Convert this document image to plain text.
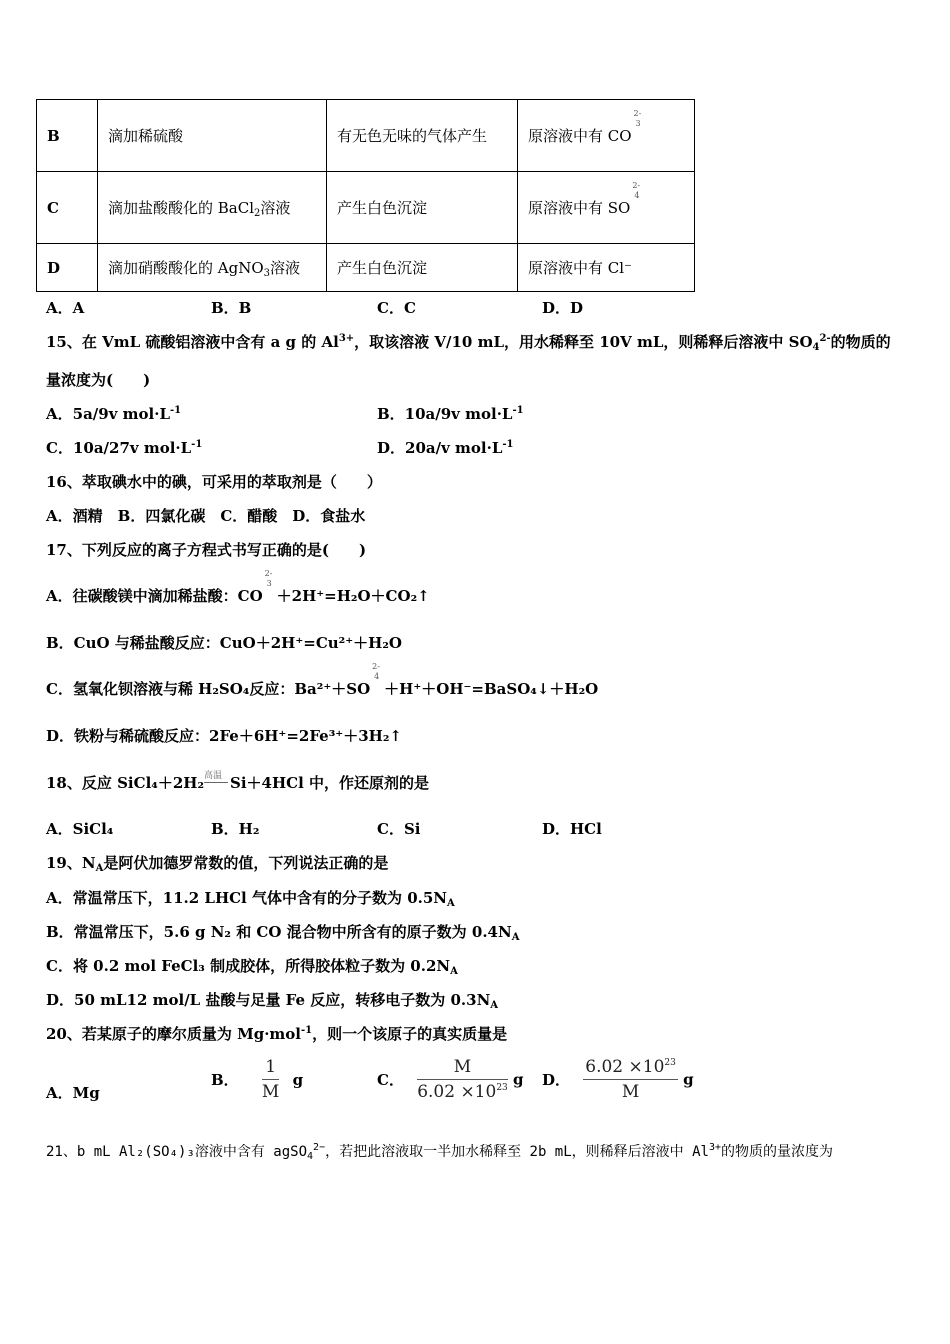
B	滴加稀硫酸	有无色无味的气体产生	原溶液中有 CO
2-
3

C	滴加盐酸酸化的 BaCl$_2$溶液	产生白色沉淀	原溶液中有 SO
2-
4

D	滴加硝酸酸化的 AgNO$_3$溶液	产生白色沉淀	原溶液中有 Cl⁻
A．A	B．B	C．C	D．D
15、在 VmL 硫酸铝溶液中含有 a g 的 $Al^{3+}$，取该溶液 V/10 mL，用水稀释至 10V mL，则稀释后溶液中 $SO_4^{2-}$的物质的
量浓度为(　　)
A．5a/9v $mol\cdot L^{-1}$	B．10a/9v $mol\cdot L^{-1}$
C．10a/27v $mol\cdot L^{-1}$	D．20a/v $mol\cdot L^{-1}$
16、萃取碘水中的碘，可采用的萃取剂是（　　）
A．酒精　B．四氯化碳　C．醋酸　D．食盐水
17、下列反应的离子方程式书写正确的是(　　)
A．往碳酸镁中滴加稀盐酸：CO
2-
3
＋2H⁺=H₂O＋CO₂↑
B．CuO 与稀盐酸反应：CuO＋2H⁺=Cu²⁺＋H₂O
C．氢氧化钡溶液与稀 H₂SO₄反应：Ba²⁺＋SO
2-
4
＋H⁺＋OH⁻=BaSO₄↓＋H₂O
D．铁粉与稀硫酸反应：2Fe＋6H⁺=2Fe³⁺＋3H₂↑
18、反应 SiCl₄＋2H₂ 高温 Si＋4HCl 中，作还原剂的是
A．SiCl₄	B．H₂	C．Si	D．HCl
19、$N_A$是阿伏加德罗常数的值，下列说法正确的是
A．常温常压下，11.2 LHCl 气体中含有的分子数为 $0.5N_A$
B．常温常压下，5.6 g N₂ 和 CO 混合物中所含有的原子数为 $0.4N_A$
C．将 0.2 mol FeCl₃ 制成胶体，所得胶体粒子数为 $0.2N_A$
D．50 mL12 mol/L 盐酸与足量 Fe 反应，转移电子数为 $0.3N_A$
20、若某原子的摩尔质量为 Mg·mol$^{-1}$，则一个该原子的真实质量是
A．Mg
B． $\frac{1}{M}$ g	C． $\frac{M}{6.02 \times 10^{23}}$ g D． $\frac{6.02 \times 10^{23}}{M}$ g
21、b mL Al₂(SO₄)₃溶液中含有 agSO$_4^{2-}$，若把此溶液取一半加水稀释至 2b mL，则稀释后溶液中 $Al^{3+}$的物质的量浓度为
